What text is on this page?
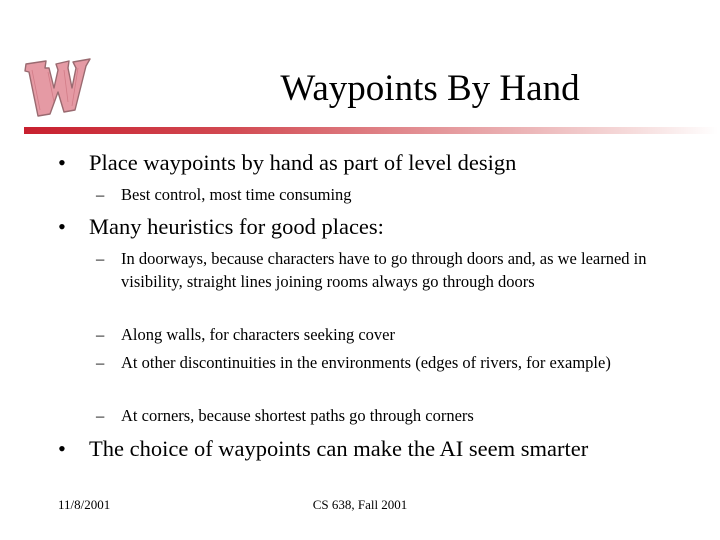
Waypoints By Hand
• Place waypoints by hand as part of level design
–	Best control, most time consuming
• Many heuristics for good places:
–	In doorways, because characters have to go through doors and, as we learned in visibility, straight lines joining rooms always go through doors
–	Along walls, for characters seeking cover
–	At other discontinuities in the environments (edges of rivers, for example)
–	At corners, because shortest paths go through corners
• The choice of waypoints can make the AI seem smarter
11/8/2001	CS 638, Fall 2001
